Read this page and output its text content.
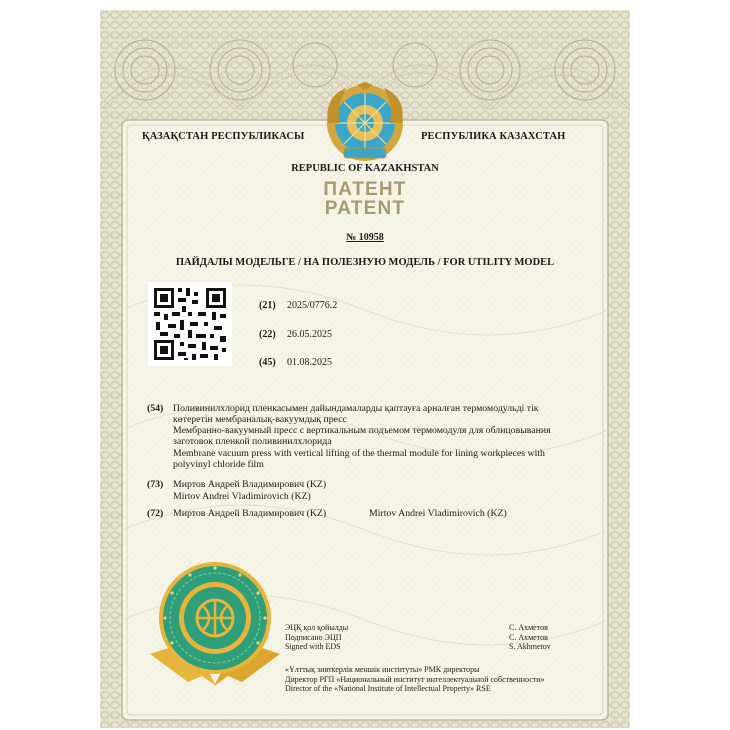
ҚАЗАҚСТАН РЕСПУБЛИКАСЫ	РЕСПУБЛИКА КАЗАХСТАН
REPUBLIC OF KAZAKHSTAN
ПАТЕНТ
PATENT
№ 10958
ПАЙДАЛЫ МОДЕЛЬГЕ / НА ПОЛЕЗНУЮ МОДЕЛЬ / FOR UTILITY MODEL
(21) 2025/0776.2
(22) 26.05.2025
(45) 01.08.2025
(54) Поливинилхлорид пленкасымен дайындамаларды қаптауға арналған термомодульді тік
көтеретін мембраналық-вакуумдық пресс
Мембранно-вакуумный пресс с вертикальным подъемом термомодуля для облицовывания
заготовок пленкой поливинилхлорида
Membrane vacuum press with vertical lifting of the thermal module for lining workpieces with
polyvinyl chloride film
(73) Миртов Андрей Владимирович (KZ)
Mirtov Andrei Vladimirovich (KZ)
(72) Миртов Андрей Владимирович (KZ)	Mirtov Andrei Vladimirovich (KZ)
ЭЦҚ қол қойылды
Подписано ЭЦП
Signed with EDS
С. Ахметов
С. Ахметов
S. Akhmetov
«Ұлттық зияткерлік меншік институты» РМК директоры
Директор РГП «Национальный институт интеллектуальной собственности»
Director of the «National Institute of Intellectual Property» RSE
